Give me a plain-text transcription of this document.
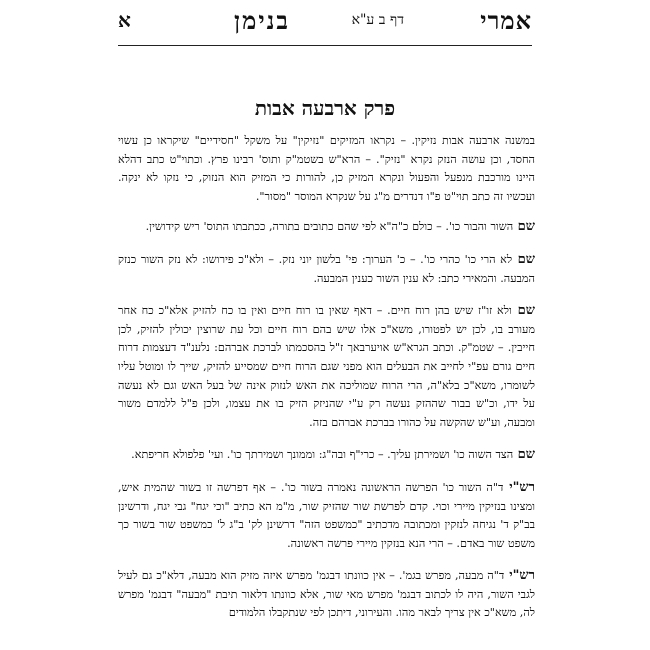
אמרי
דף ב ע"א
בנימן
א
פרק ארבעה אבות

במשנה ארבעה אבות נזיקין. – נקראו המזיקים "נזיקין" על משקל "חסידיים" שיקראו כן עשוי החסד, וכן עושה הנזק נקרא "נזיק". – הרא"ש בשטמ"ק ותוס' רבינו פרץ. וכתוי"ט כתב דהלא היינו מורכבת מנפעל והפעול ונקרא המזיק כן, להורות כי המזיק הוא הנזוק, כי נזקו לא ינקה. ועכשיו זה כתב תוי"ט פ"ו דנדרים מ"ג על שנקרא המוסר "מסור".

שם השור והבור כו'. – כולם כ"ה"א לפי שהם כתובים בתורה, ככתבתו התוס' ריש קידושין.

שם לא הרי כו' כהרי כו'. – כ' הערוך: פי' בלשון יוני נזק. – ולא"כ פירושו: לא נזק השור כנזק המבעה. והמאירי כתב: לא ענין השור כענין המבעה.

שם ולא זו"ז שיש בהן רוח חיים. – דאף שאין בו רוח חיים ואין בו כח להזיק אלא"כ כח אחר מעורב בו, לכן יש לפטורו, משא"כ אלו שיש בהם רוח חיים וכל עת שרוצין יכולין להזיק, לכן חייבין. – שטמ"ק. וכתב הגרא"ש אויערבאך ז"ל בהסכמתו לברכת אברהם: נלענ"ד דעצמות דרוח חיים גורם עפ"י לחייב את הבעלים הוא מפני שגם הרוח חיים שמסייע להזיק, שייך לו ומוטל עליו לשומרו, משא"כ בלא"ה, הרי הרוח שמוליכה את האש לנזוק אינה של בעל האש וגם לא נעשה על ידו, וכ"ש בבור שההזק נעשה רק ע"י שהניזק הזיק בו את עצמו, ולכן פ"ל ללמדם משור ומבעה, וע"ש שהקשה על כהורו בברכת אברהם בזה.

שם הצד השוה כו' ושמירתן עליך. – כרי"ף ובה"ג: וממונך ושמירתך כו'. ועי' פלפולא חריפתא.

רש"י ד"ה השור כו' הפרשה הראשונה נאמרה בשור כו'. – אף דפרשה זו בשור שהמית איש, ומצינו בנזיקין מיירי וכוי. קדם לפרשת שור שהזיק שור, מ"מ הא כתיב "וכי יגח" גבי יגח, ודרשינן בב"ק ד' נגיחה לנזקין ומכתובה מדכתיב "כמשפט הזה" דרשינן לק' ב"ג ל' כמשפט שור בשור כך משפט שור באדם. – הרי הנא בנזקין מיירי פרשה ראשונה.

רש"י ד"ה מבעה, מפרש בגמ'. – אין כוונתו דבגמ' מפרש איזה מזיק הוא מבעה, דלא"כ גם לעיל לגבי השור, היה לו לכתוב דבגמ' מפרש מאי שור, אלא כוונתו דלאור תיבת "מבעה" דבגמ' מפרש לה, משא"כ אין צריך לבאר מהו. והעירוני, דיתכן לפי שנתקבלו הלמודים
